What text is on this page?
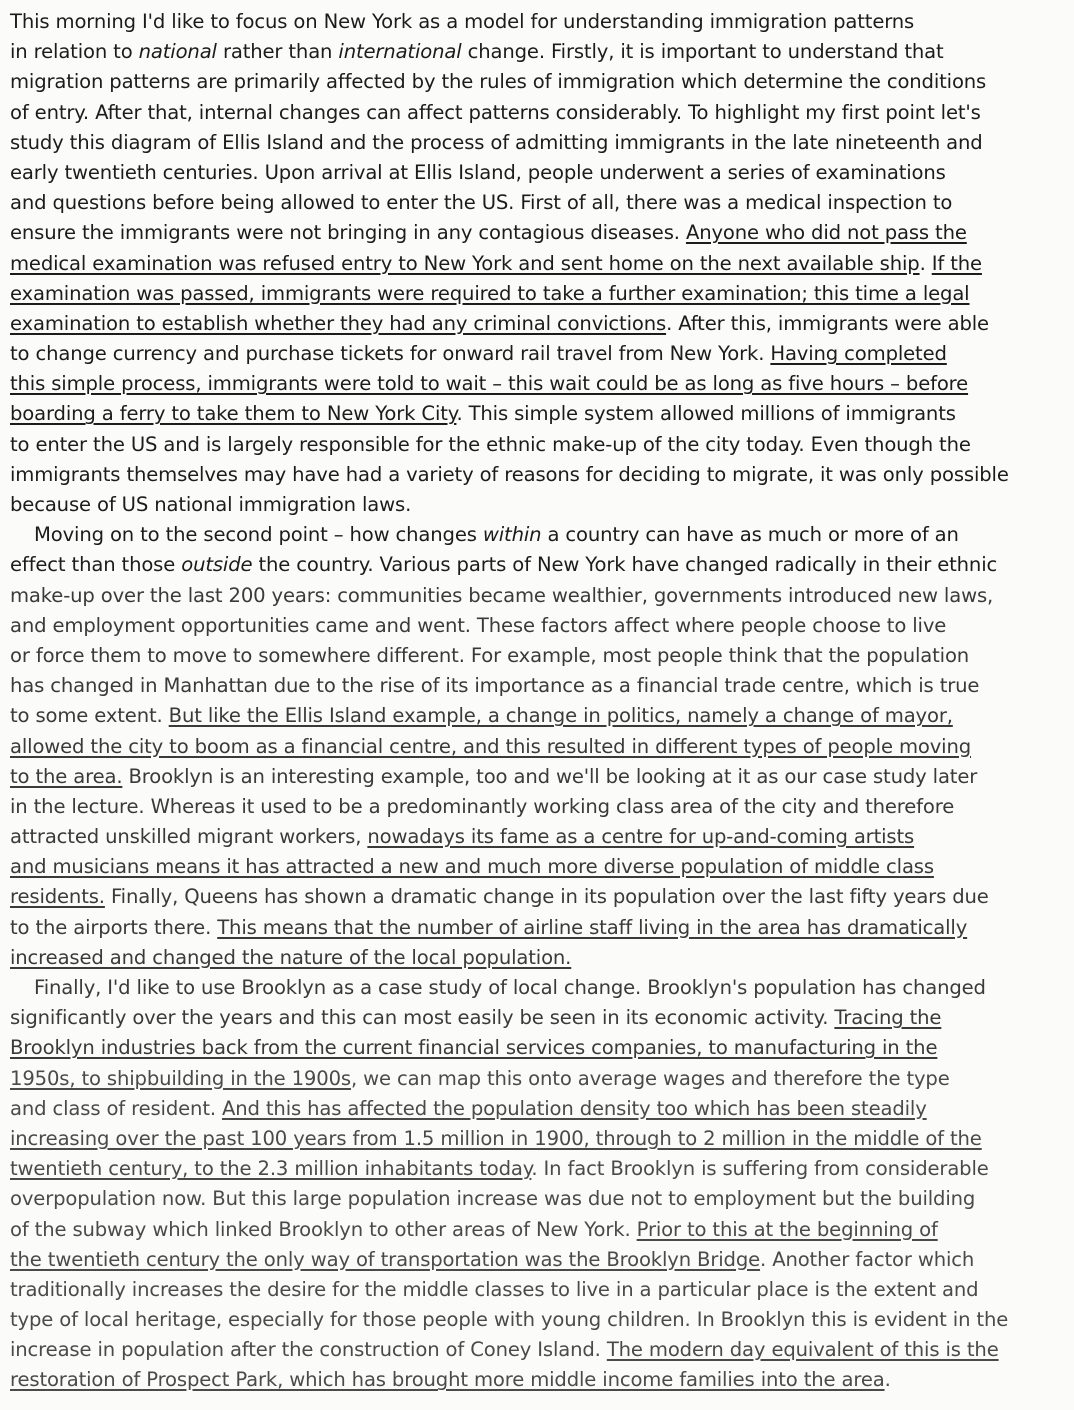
This morning I'd like to focus on New York as a model for understanding immigration patterns
in relation to national rather than international change. Firstly, it is important to understand that
migration patterns are primarily affected by the rules of immigration which determine the conditions
of entry. After that, internal changes can affect patterns considerably. To highlight my first point let's
study this diagram of Ellis Island and the process of admitting immigrants in the late nineteenth and
early twentieth centuries. Upon arrival at Ellis Island, people underwent a series of examinations
and questions before being allowed to enter the US. First of all, there was a medical inspection to
ensure the immigrants were not bringing in any contagious diseases. Anyone who did not pass the
medical examination was refused entry to New York and sent home on the next available ship. If the
examination was passed, immigrants were required to take a further examination; this time a legal
examination to establish whether they had any criminal convictions. After this, immigrants were able
to change currency and purchase tickets for onward rail travel from New York. Having completed
this simple process, immigrants were told to wait – this wait could be as long as five hours – before
boarding a ferry to take them to New York City. This simple system allowed millions of immigrants
to enter the US and is largely responsible for the ethnic make-up of the city today. Even though the
immigrants themselves may have had a variety of reasons for deciding to migrate, it was only possible
because of US national immigration laws.
Moving on to the second point – how changes within a country can have as much or more of an
effect than those outside the country. Various parts of New York have changed radically in their ethnic
make-up over the last 200 years: communities became wealthier, governments introduced new laws,
and employment opportunities came and went. These factors affect where people choose to live
or force them to move to somewhere different. For example, most people think that the population
has changed in Manhattan due to the rise of its importance as a financial trade centre, which is true
to some extent. But like the Ellis Island example, a change in politics, namely a change of mayor,
allowed the city to boom as a financial centre, and this resulted in different types of people moving
to the area. Brooklyn is an interesting example, too and we'll be looking at it as our case study later
in the lecture. Whereas it used to be a predominantly working class area of the city and therefore
attracted unskilled migrant workers, nowadays its fame as a centre for up-and-coming artists
and musicians means it has attracted a new and much more diverse population of middle class
residents. Finally, Queens has shown a dramatic change in its population over the last fifty years due
to the airports there. This means that the number of airline staff living in the area has dramatically
increased and changed the nature of the local population.
Finally, I'd like to use Brooklyn as a case study of local change. Brooklyn's population has changed
significantly over the years and this can most easily be seen in its economic activity. Tracing the
Brooklyn industries back from the current financial services companies, to manufacturing in the
1950s, to shipbuilding in the 1900s, we can map this onto average wages and therefore the type
and class of resident. And this has affected the population density too which has been steadily
increasing over the past 100 years from 1.5 million in 1900, through to 2 million in the middle of the
twentieth century, to the 2.3 million inhabitants today. In fact Brooklyn is suffering from considerable
overpopulation now. But this large population increase was due not to employment but the building
of the subway which linked Brooklyn to other areas of New York. Prior to this at the beginning of
the twentieth century the only way of transportation was the Brooklyn Bridge. Another factor which
traditionally increases the desire for the middle classes to live in a particular place is the extent and
type of local heritage, especially for those people with young children. In Brooklyn this is evident in the
increase in population after the construction of Coney Island. The modern day equivalent of this is the
restoration of Prospect Park, which has brought more middle income families into the area.
